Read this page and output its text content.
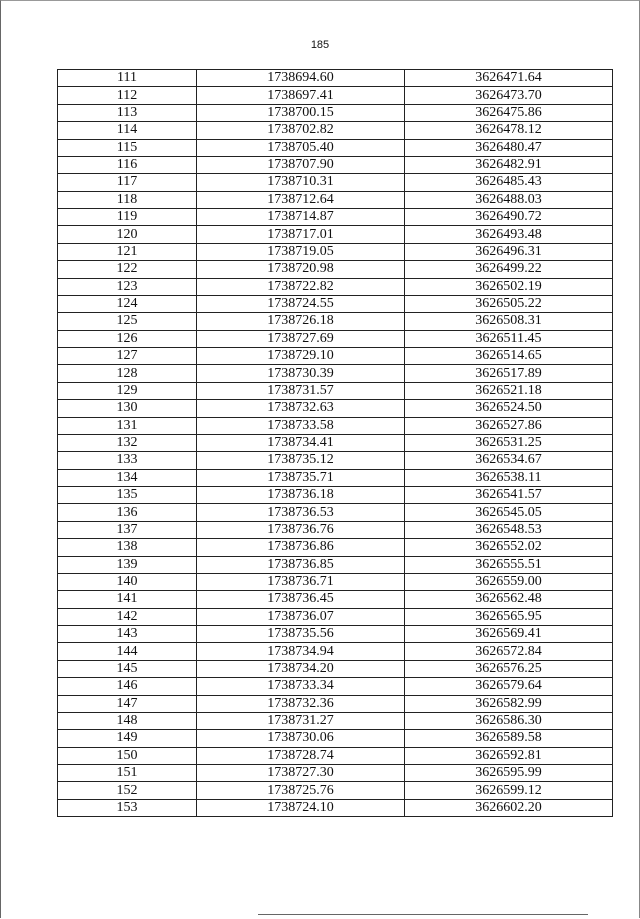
185
111	1738694.60	3626471.64
112	1738697.41	3626473.70
113	1738700.15	3626475.86
114	1738702.82	3626478.12
115	1738705.40	3626480.47
116	1738707.90	3626482.91
117	1738710.31	3626485.43
118	1738712.64	3626488.03
119	1738714.87	3626490.72
120	1738717.01	3626493.48
121	1738719.05	3626496.31
122	1738720.98	3626499.22
123	1738722.82	3626502.19
124	1738724.55	3626505.22
125	1738726.18	3626508.31
126	1738727.69	3626511.45
127	1738729.10	3626514.65
128	1738730.39	3626517.89
129	1738731.57	3626521.18
130	1738732.63	3626524.50
131	1738733.58	3626527.86
132	1738734.41	3626531.25
133	1738735.12	3626534.67
134	1738735.71	3626538.11
135	1738736.18	3626541.57
136	1738736.53	3626545.05
137	1738736.76	3626548.53
138	1738736.86	3626552.02
139	1738736.85	3626555.51
140	1738736.71	3626559.00
141	1738736.45	3626562.48
142	1738736.07	3626565.95
143	1738735.56	3626569.41
144	1738734.94	3626572.84
145	1738734.20	3626576.25
146	1738733.34	3626579.64
147	1738732.36	3626582.99
148	1738731.27	3626586.30
149	1738730.06	3626589.58
150	1738728.74	3626592.81
151	1738727.30	3626595.99
152	1738725.76	3626599.12
153	1738724.10	3626602.20
